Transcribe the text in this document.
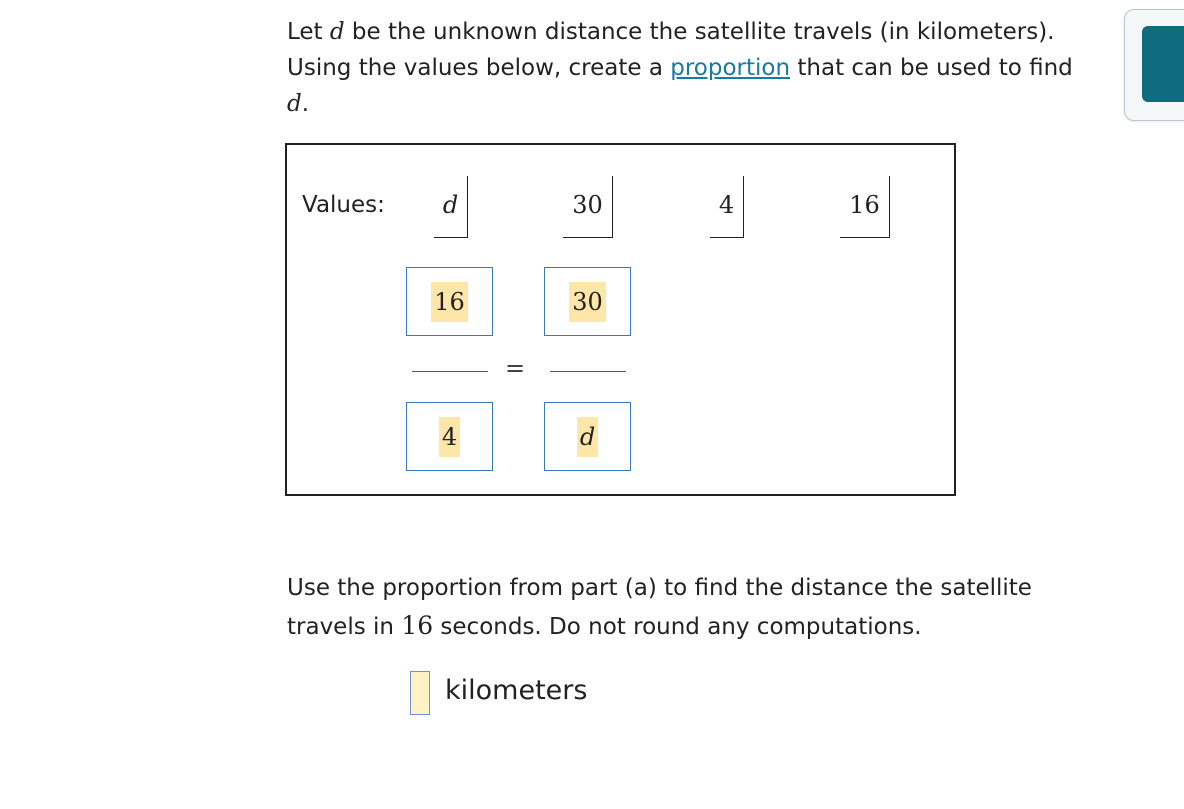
Let d be the unknown distance the satellite travels (in kilometers). Using the values below, create a proportion that can be used to find d.
Values:	d	30	4	16
16	30
=
4	d
Use the proportion from part (a) to find the distance the satellite travels in 16 seconds. Do not round any computations.
kilometers
